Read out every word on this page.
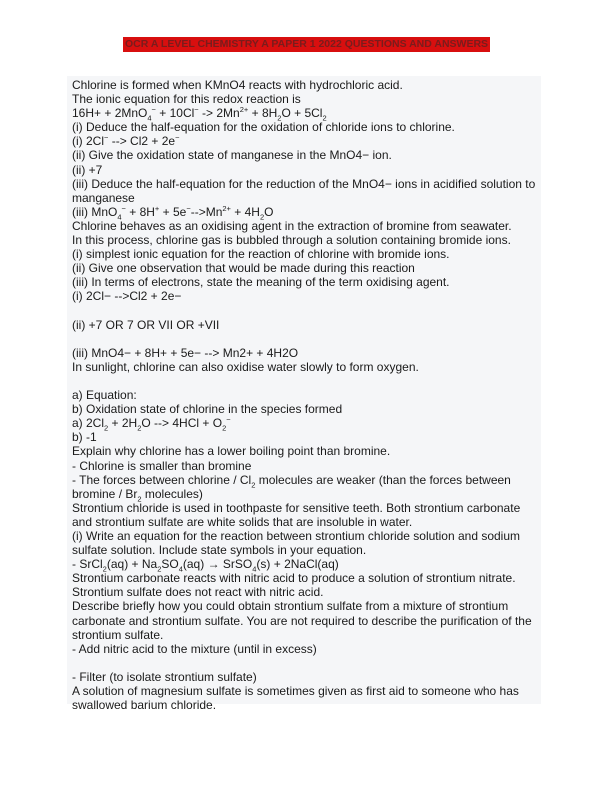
OCR A LEVEL CHEMISTRY A PAPER 1 2022 QUESTIONS AND ANSWERS
Chlorine is formed when KMnO4 reacts with hydrochloric acid.
The ionic equation for this redox reaction is
$16H+ + 2MnO_4^- + 10Cl^- -> 2Mn^{2+} + 8H_2O + 5Cl_2$
(i) Deduce the half-equation for the oxidation of chloride ions to chlorine.
(i) 2Cl− --> Cl2 + 2e−
(ii) Give the oxidation state of manganese in the MnO4− ion.
(ii) +7
(iii) Deduce the half-equation for the reduction of the MnO4− ions in acidified solution to
manganese
(iii) $MnO_4^- + 8H^+ + 5e^--->Mn^{2+} + 4H_2O$
Chlorine behaves as an oxidising agent in the extraction of bromine from seawater.
In this process, chlorine gas is bubbled through a solution containing bromide ions.
(i) simplest ionic equation for the reaction of chlorine with bromide ions.
(ii) Give one observation that would be made during this reaction
(iii) In terms of electrons, state the meaning of the term oxidising agent.
(i) 2Cl− -->Cl2 + 2e−
(ii) +7 OR 7 OR VII OR +VII
(iii) MnO4− + 8H+ + 5e− --> Mn2+ + 4H2O
In sunlight, chlorine can also oxidise water slowly to form oxygen.
a) Equation:
b) Oxidation state of chlorine in the species formed
a) $2Cl_2 + 2H_2O$ --> $4HCl + O_2^-$
b) -1
Explain why chlorine has a lower boiling point than bromine.
- Chlorine is smaller than bromine
- The forces between chlorine / $Cl_2$ molecules are weaker (than the forces between
bromine / $Br_2$ molecules)
Strontium chloride is used in toothpaste for sensitive teeth. Both strontium carbonate
and strontium sulfate are white solids that are insoluble in water.
(i) Write an equation for the reaction between strontium chloride solution and sodium
sulfate solution. Include state symbols in your equation.
- SrCl$_2$(aq) + $Na_2SO_4(aq)$ → SrSO$_4$(s) + 2NaCl(aq)
Strontium carbonate reacts with nitric acid to produce a solution of strontium nitrate.
Strontium sulfate does not react with nitric acid.
Describe briefly how you could obtain strontium sulfate from a mixture of strontium
carbonate and strontium sulfate. You are not required to describe the purification of the
strontium sulfate.
- Add nitric acid to the mixture (until in excess)
- Filter (to isolate strontium sulfate)
A solution of magnesium sulfate is sometimes given as first aid to someone who has
swallowed barium chloride.
